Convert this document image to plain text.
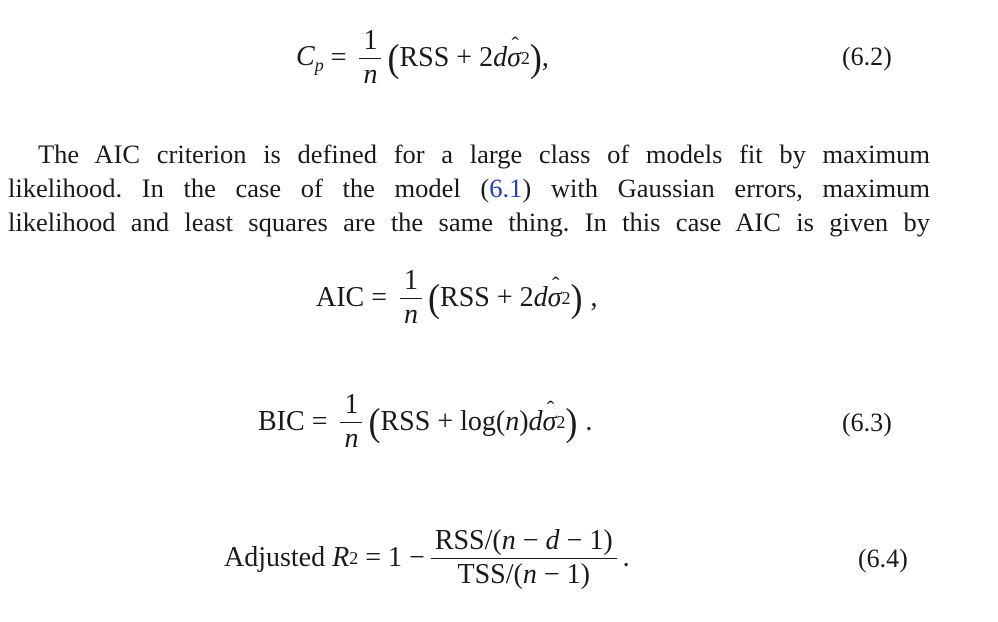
$C_p = \frac{1}{n}$ ( RSS + 2 d ˆ σ 2 ) ,	(6.2)
The AIC criterion is defined for a large class of models fit by maximum
likelihood. In the case of the model (6.1) with Gaussian errors, maximum
likelihood and least squares are the same thing. In this case AIC is given by
AIC = $\frac{1}{n}$ ( RSS + 2 d ˆ σ 2 ) ,
BIC = $\frac{1}{n}$ ( RSS + log( n ) d ˆ σ 2 ) .	(6.3)
Adjusted
R 2
= $1 - \frac{\text{RSS/(n − d − 1)}}{\text{TSS/(n − 1)}}$ .	(6.4)
